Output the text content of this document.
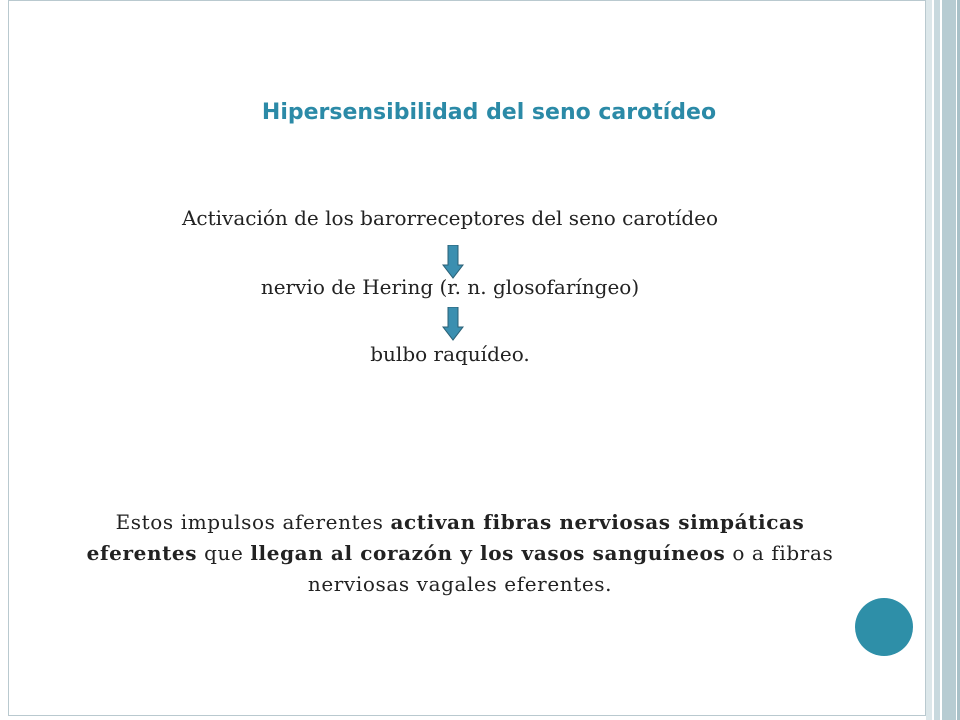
Hipersensibilidad del seno carotídeo
Activación de los barorreceptores del seno carotídeo
nervio de Hering (r. n. glosofaríngeo)
bulbo raquídeo.
Estos impulsos aferentes activan fibras nerviosas simpáticas eferentes que llegan al corazón y los vasos sanguíneos o a fibras nerviosas vagales eferentes.
